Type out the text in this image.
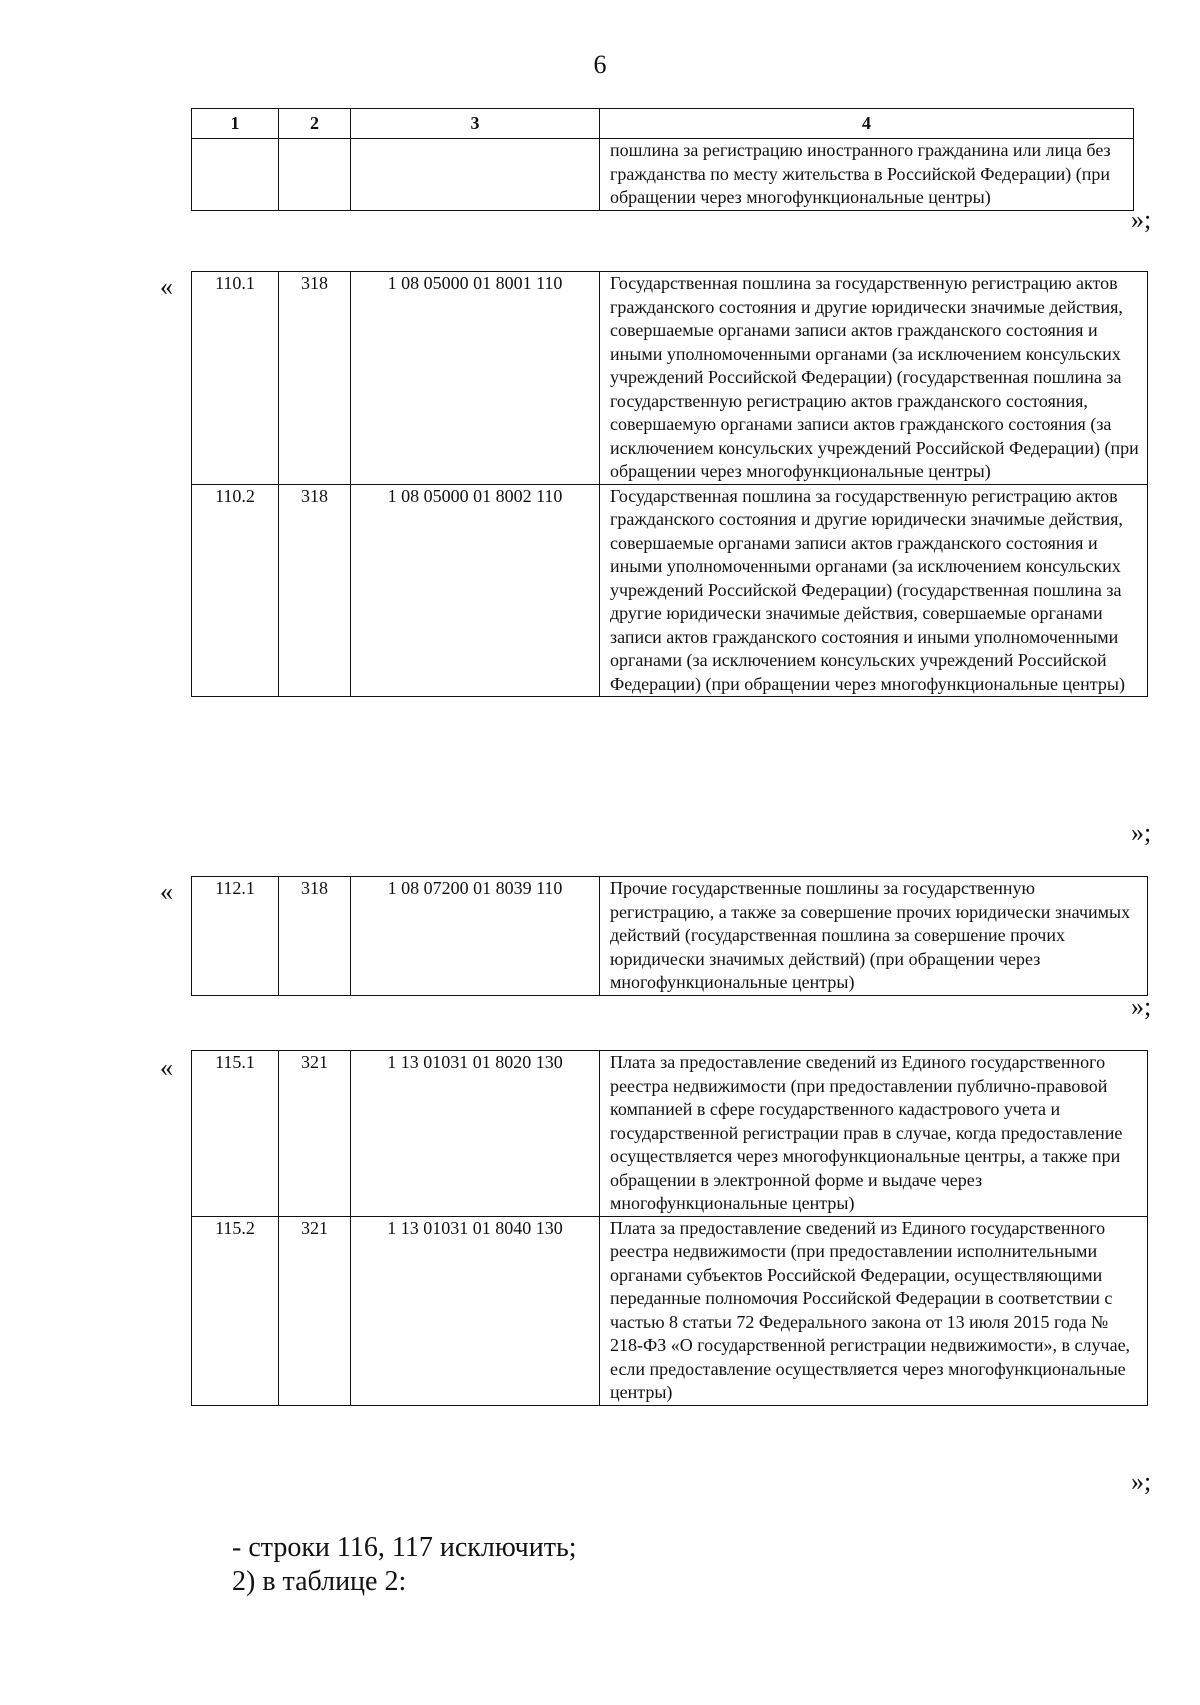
6
1	2	3	4
			пошлина за регистрацию иностранного гражданина или лица без гражданства по месту жительства в Российской Федерации) (при обращении через многофункциональные центры)
»;
« 110.1	318	1 08 05000 01 8001 110	Государственная пошлина за государственную регистрацию актов гражданского состояния и другие юридически значимые действия, совершаемые органами записи актов гражданского состояния и иными уполномоченными органами (за исключением консульских учреждений Российской Федерации) (государственная пошлина за государственную регистрацию актов гражданского состояния, совершаемую органами записи актов гражданского состояния (за исключением консульских учреждений Российской Федерации) (при обращении через многофункциональные центры)
110.2	318	1 08 05000 01 8002 110	Государственная пошлина за государственную регистрацию актов гражданского состояния и другие юридически значимые действия, совершаемые органами записи актов гражданского состояния и иными уполномоченными органами (за исключением консульских учреждений Российской Федерации) (государственная пошлина за другие юридически значимые действия, совершаемые органами записи актов гражданского состояния и иными уполномоченными органами (за исключением консульских учреждений Российской Федерации) (при обращении через многофункциональные центры)
»;
« 112.1	318	1 08 07200 01 8039 110	Прочие государственные пошлины за государственную регистрацию, а также за совершение прочих юридически значимых действий (государственная пошлина за совершение прочих юридически значимых действий) (при обращении через многофункциональные центры)
»;
« 115.1	321	1 13 01031 01 8020 130	Плата за предоставление сведений из Единого государственного реестра недвижимости (при предоставлении публично-правовой компанией в сфере государственного кадастрового учета и государственной регистрации прав в случае, когда предоставление осуществляется через многофункциональные центры, а также при обращении в электронной форме и выдаче через многофункциональные центры)
115.2	321	1 13 01031 01 8040 130	Плата за предоставление сведений из Единого государственного реестра недвижимости (при предоставлении исполнительными органами субъектов Российской Федерации, осуществляющими переданные полномочия Российской Федерации в соответствии с частью 8 статьи 72 Федерального закона от 13 июля 2015 года № 218-ФЗ «О государственной регистрации недвижимости», в случае, если предоставление осуществляется через многофункциональные центры)
»;
- строки 116, 117 исключить;
2) в таблице 2:
